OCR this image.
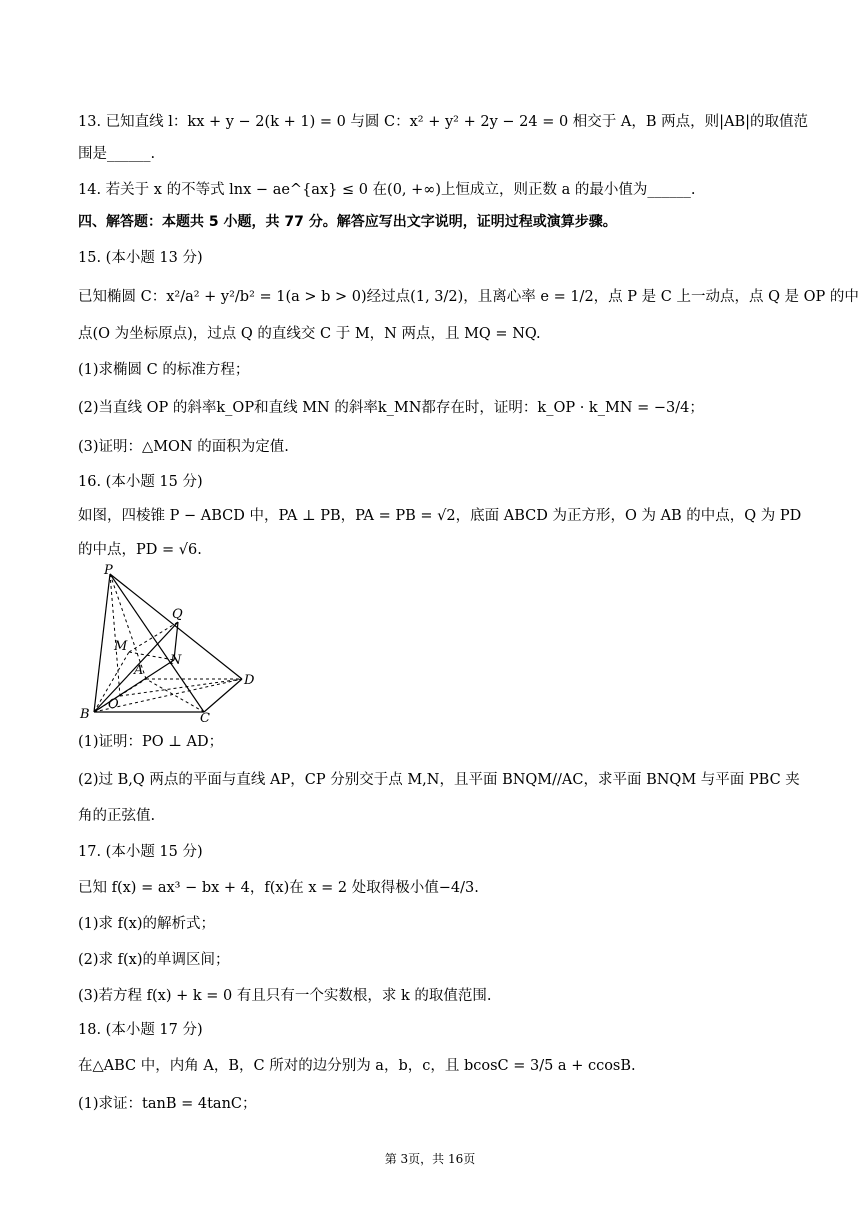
13. 已知直线 l：kx + y − 2(k + 1) = 0 与圆 C：x² + y² + 2y − 24 = 0 相交于 A，B 两点，则|AB|的取值范
围是______.
14. 若关于 x 的不等式 lnx − ae^{ax} ≤ 0 在(0, +∞)上恒成立，则正数 a 的最小值为______.
四、解答题：本题共 5 小题，共 77 分。解答应写出文字说明，证明过程或演算步骤。
15. (本小题 13 分)
已知椭圆 C：x²/a² + y²/b² = 1(a > b > 0)经过点(1, 3/2)，且离心率 e = 1/2，点 P 是 C 上一动点，点 Q 是 OP 的中
点(O 为坐标原点)，过点 Q 的直线交 C 于 M，N 两点，且 MQ = NQ.
(1)求椭圆 C 的标准方程；
(2)当直线 OP 的斜率k_OP和直线 MN 的斜率k_MN都存在时，证明：k_OP · k_MN = −3/4；
(3)证明：△MON 的面积为定值.
16. (本小题 15 分)
如图，四棱锥 P − ABCD 中，PA ⊥ PB，PA = PB = √2，底面 ABCD 为正方形，O 为 AB 的中点，Q 为 PD
的中点，PD = √6.
P
Q
M
A
N
D
B
O
C
(1)证明：PO ⊥ AD；
(2)过 B,Q 两点的平面与直线 AP，CP 分别交于点 M,N，且平面 BNQM//AC，求平面 BNQM 与平面 PBC 夹
角的正弦值.
17. (本小题 15 分)
已知 f(x) = ax³ − bx + 4，f(x)在 x = 2 处取得极小值−4/3.
(1)求 f(x)的解析式；
(2)求 f(x)的单调区间；
(3)若方程 f(x) + k = 0 有且只有一个实数根，求 k 的取值范围.
18. (本小题 17 分)
在△ABC 中，内角 A，B，C 所对的边分别为 a，b，c，且 bcosC = 3/5 a + ccosB.
(1)求证：tanB = 4tanC；
第 3页，共 16页
